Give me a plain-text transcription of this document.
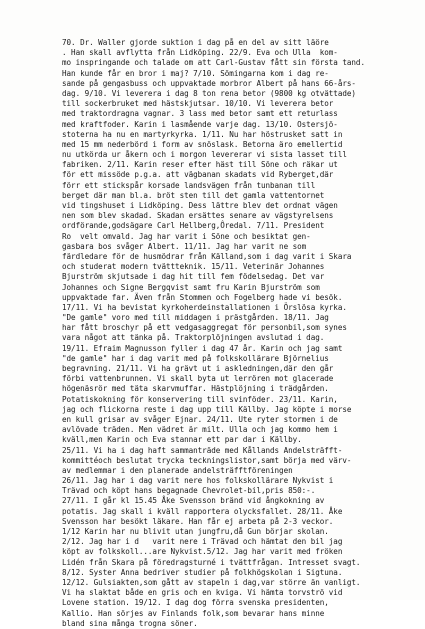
70. Dr. Waller gjorde suktion i dag på en del av sitt läöre
. Han skall avflytta från Lidköping. 22/9. Eva och Ulla  kom-
mo inspringande och talade om att Carl-Gustav fått sin första tand.
Han kunde får en bror i maj? 7/10. Sömingarna kom i dag re-
sande på gengasbuss och uppvaktade morbror Albert på hans 66-års-
dag. 9/10. Vi leverera i dag 8 ton rena betor (9800 kg otvättade)
till sockerbruket med hästskjutsar. 10/10. Vi leverera betor
med traktordragna vagnar. 3 lass med betor samt ett returlass
med kraftfoder. Karin i lasmående varje dag. 13/10. Ostersjö-
stoterna ha nu en martyrkyrka. 1/11. Nu har höstrusket satt in
med 15 mm nederbörd i form av snöslask. Betorna äro emellertid
nu utkörda ur åkern och i morgon levererar vi sista lasset till
fabriken. 2/11. Karin reser efter häst till Sõne och räkar ut
för ett missöde p.g.a. att vägbanan skadats vid Ryberget,där
förr ett stickspår korsade landsvägen från tunbanan till
berget där man bl.a. bröt sten till det gamla vattentornet
vid tingshuset i Lidköping. Dess lättre blev det ordnat vägen
nen som blev skadad. Skadan ersättes senare av vägstyrelsens
ordförande,godsägare Carl Hellberg,Ôredal. 7/11. President
Ro  velt omvald. Jag har varit i Sõne och besiktat gen-
gasbara bos svåger Albert. 11/11. Jag har varit ne som
färdledare för de husmödrar från Källand,som i dag varit i Skara
och studerat modern tvättteknik. 15/11. Veterinär Johannes
Bjurström skjutsade i dag hit till fem födelsedag. Det var
Johannes och Signe Bergqvist samt fru Karin Bjurström som
uppvaktade far. Även från Stommen och Fogelberg hade vi besök.
17/11. Vi ha bevistat kyrkoherdeinstallationen i Örslösa kyrka.
"De gamle" voro med till middagen i prästgården. 18/11. Jag
har fått broschyr på ett vedgasaggregat för personbil,som synes
vara något att tänka på. Traktorplöjningen avslutad i dag.
19/11. Efraim Magnusson fyller i dag 47 år. Karin och jag samt
"de gamle" har i dag varit med på folkskollärare Björnelius
begravning. 21/11. Vi ha grävt ut i askledningen,där den går
förbi vattenbrunnen. Vi skall byta ut lerrören mot glaceradе
högenäsrör med täta skarvmuffar. Hästplöjning i trädgården.
Potatiskokning för konservering till svinföder. 23/11. Karin,
jag och flickorna reste i dag upp till Källby. Jag köpte i morse
en kull grisar av svåger Ejnar. 24/11. Ute ryter stormen i de
avlövade träden. Men vädret är milt. Ulla och jag kommo hem i
kväll,men Karin och Eva stannar ett par dar i Källby.
25/11. Vi ha i dag haft sammanträde med Kållands Andelsträfft-
kommittéoch beslutat trycka teckningslistor,samt börja med värv-
av medlemmar i den planerade andelsträfftföreningen
26/11. Jag har i dag varit nere hos folkskollärare Nykvist i
Trävad och köpt hans begagnade Chevrolet-bil,pris 850:-.
27/11. I går kl 15.45 Åke Svensson bränd vid ångkokning av
potatis. Jag skall i kväll rapportera olycksfallet. 28/11. Åke
Svensson har besökt läkare. Han får ej arbeta på 2-3 veckor.
1/12 Karin har nu blivit utan jungfru,då Gun börjar skolan.
2/12. Jag har i d   varit nere i Trävad och hämtat den bil jag
köpt av folkskoll...are Nykvist.5/12. Jag har varit med fröken
Lidén från Skara på föredragsturné i tvättfrågan. Intresset svagt.
8/12. Syster Anna bedriver studier på folkhögskolan i Sigtuna.
12/12. Gulsiakten,som gått av stapeln i dag,var större än vanligt.
Vi ha slaktat både en gris och en kviga. Vi hämta torvströ vid
Lovene station. 19/12. I dag dog förra svenska presidenten,
Kallio. Han sörjes av Finlands folk,som bevarar hans minne
bland sina många trogna söner.
